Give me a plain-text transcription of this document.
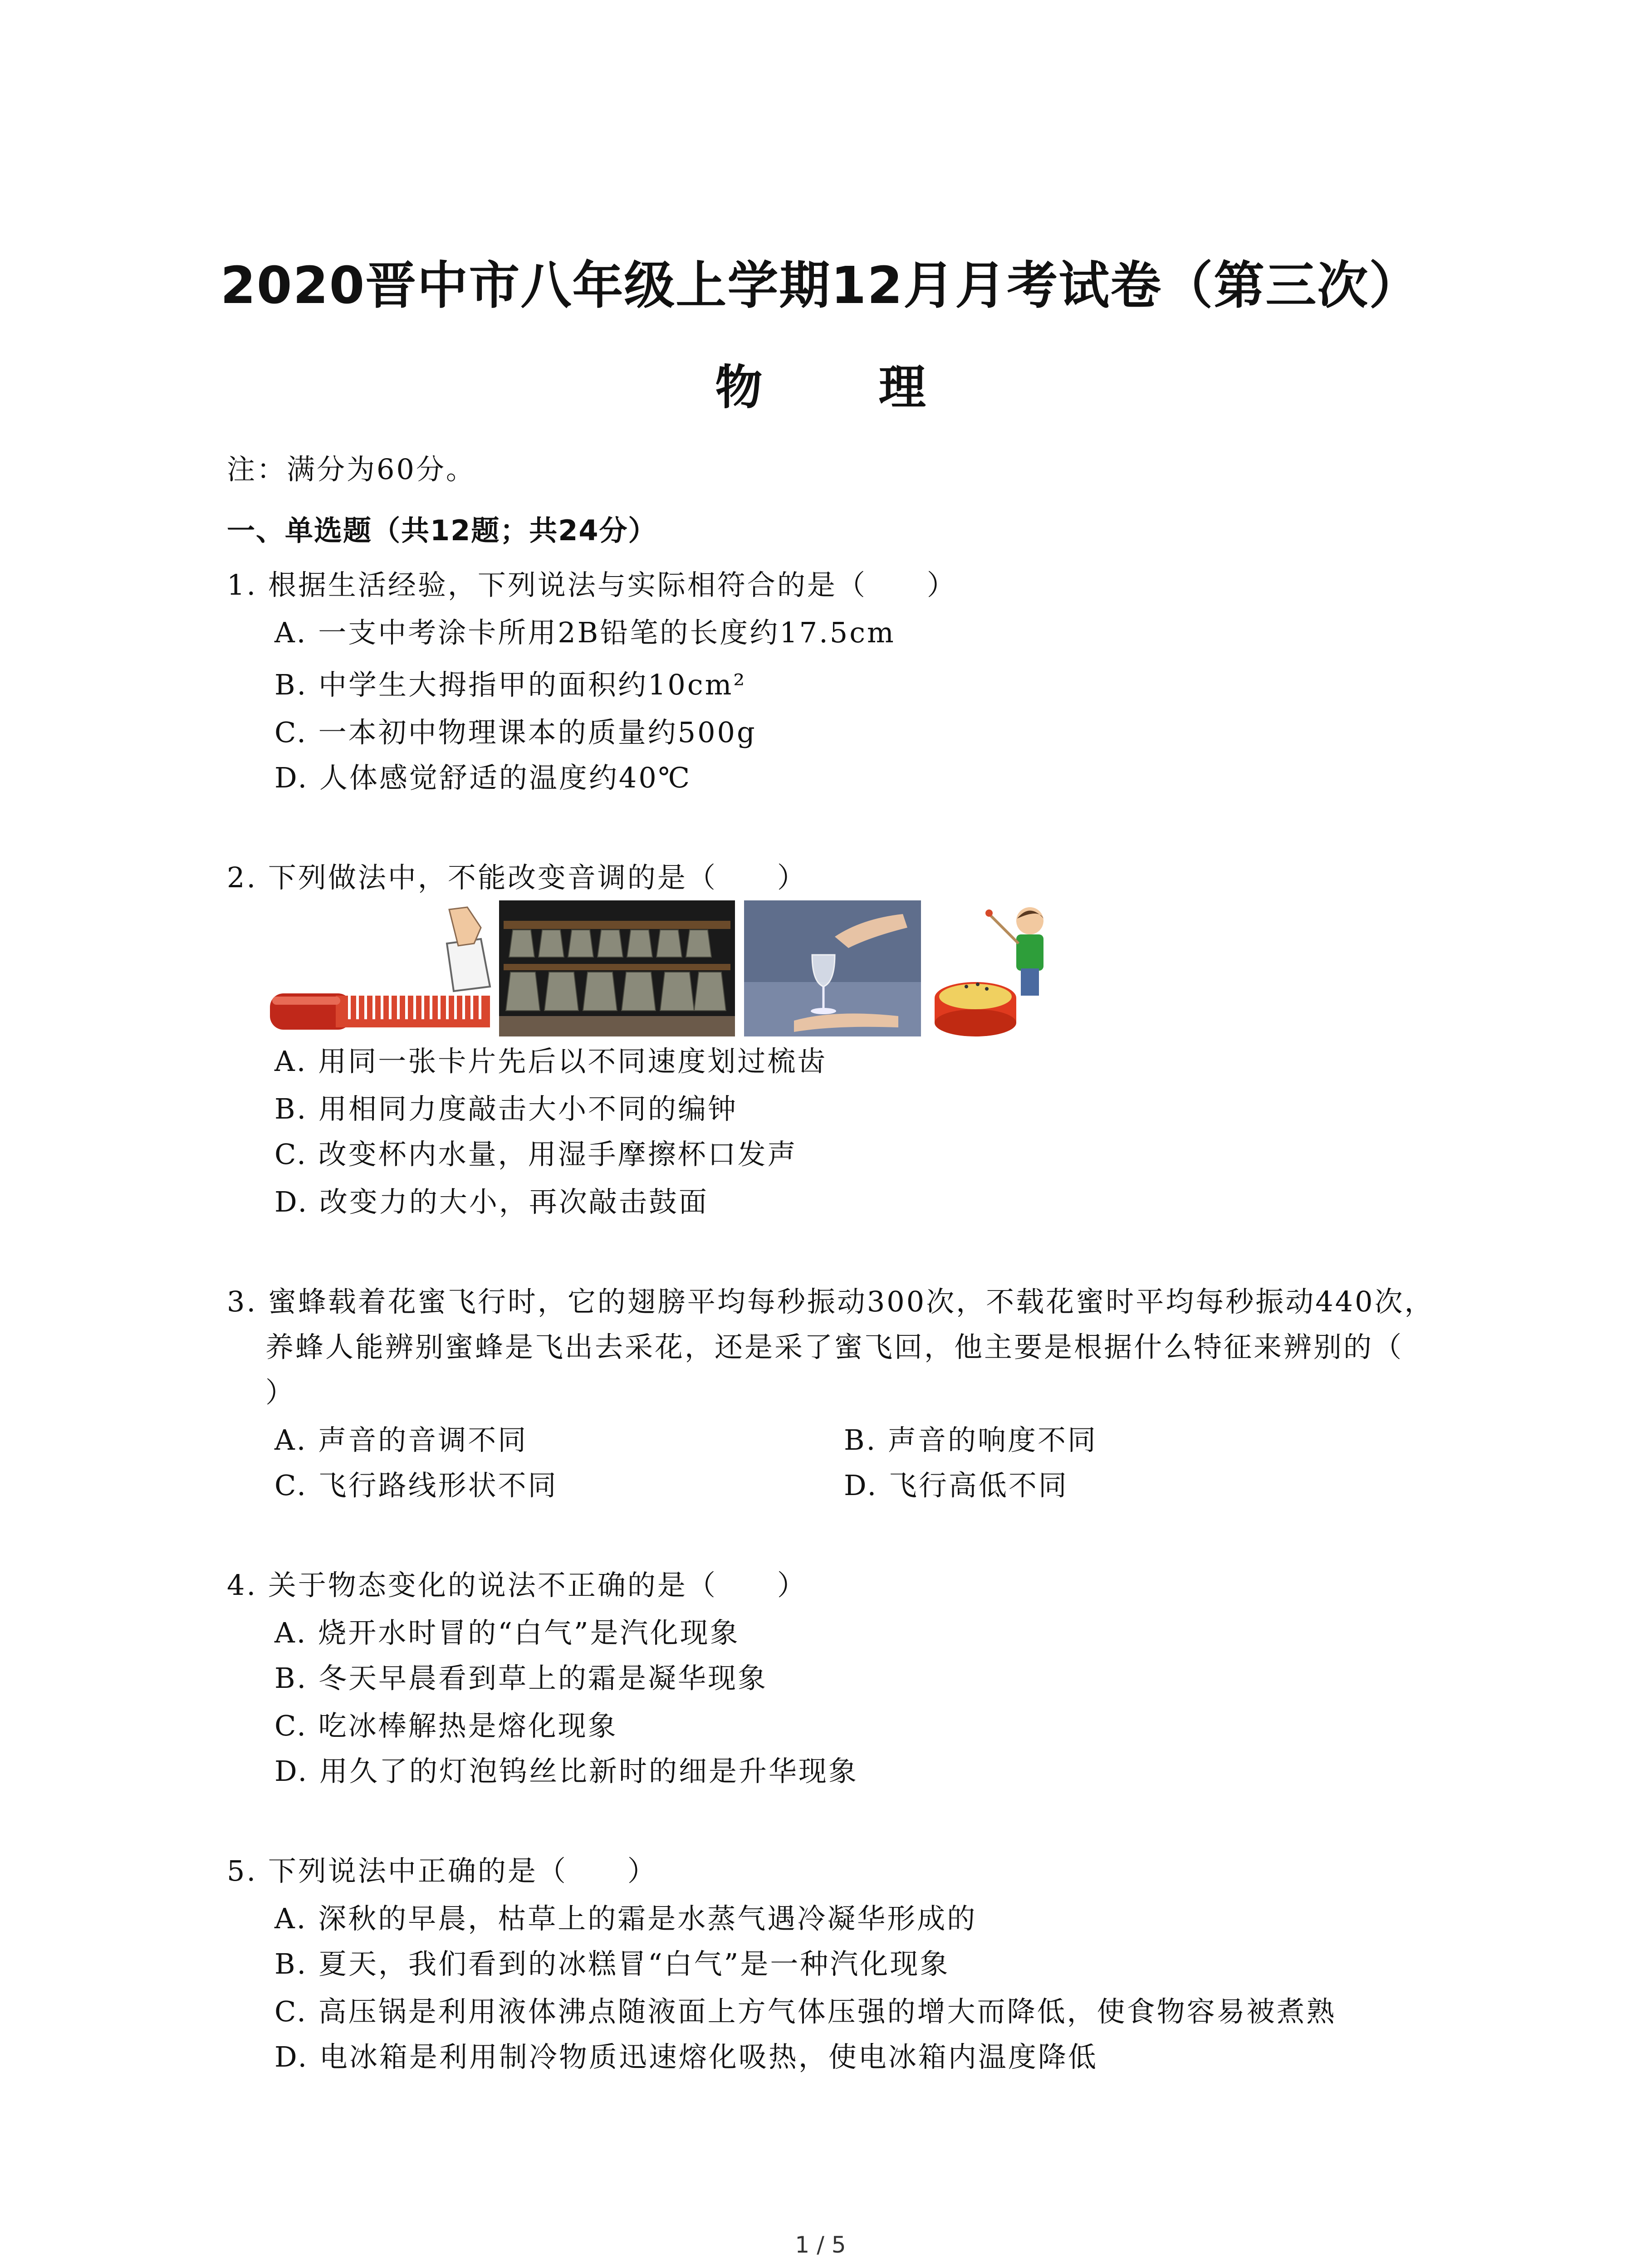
2020晋中市八年级上学期12月月考试卷（第三次）
物 理
注：满分为60分。
一、单选题（共12题；共24分）
1. 根据生活经验，下列说法与实际相符合的是（　　）
A. 一支中考涂卡所用2B铅笔的长度约17.5cm
B. 中学生大拇指甲的面积约10cm²
C. 一本初中物理课本的质量约500g
D. 人体感觉舒适的温度约40℃
2. 下列做法中，不能改变音调的是（　　）
A. 用同一张卡片先后以不同速度划过梳齿
B. 用相同力度敲击大小不同的编钟
C. 改变杯内水量，用湿手摩擦杯口发声
D. 改变力的大小，再次敲击鼓面
3. 蜜蜂载着花蜜飞行时，它的翅膀平均每秒振动300次，不载花蜜时平均每秒振动440次，
养蜂人能辨别蜜蜂是飞出去采花，还是采了蜜飞回，他主要是根据什么特征来辨别的（
）
A. 声音的音调不同	B. 声音的响度不同
C. 飞行路线形状不同	D. 飞行高低不同
4. 关于物态变化的说法不正确的是（　　）
A. 烧开水时冒的“白气”是汽化现象
B. 冬天早晨看到草上的霜是凝华现象
C. 吃冰棒解热是熔化现象
D. 用久了的灯泡钨丝比新时的细是升华现象
5. 下列说法中正确的是（　　）
A. 深秋的早晨，枯草上的霜是水蒸气遇冷凝华形成的
B. 夏天，我们看到的冰糕冒“白气”是一种汽化现象
C. 高压锅是利用液体沸点随液面上方气体压强的增大而降低，使食物容易被煮熟
D. 电冰箱是利用制冷物质迅速熔化吸热，使电冰箱内温度降低
1 / 5
